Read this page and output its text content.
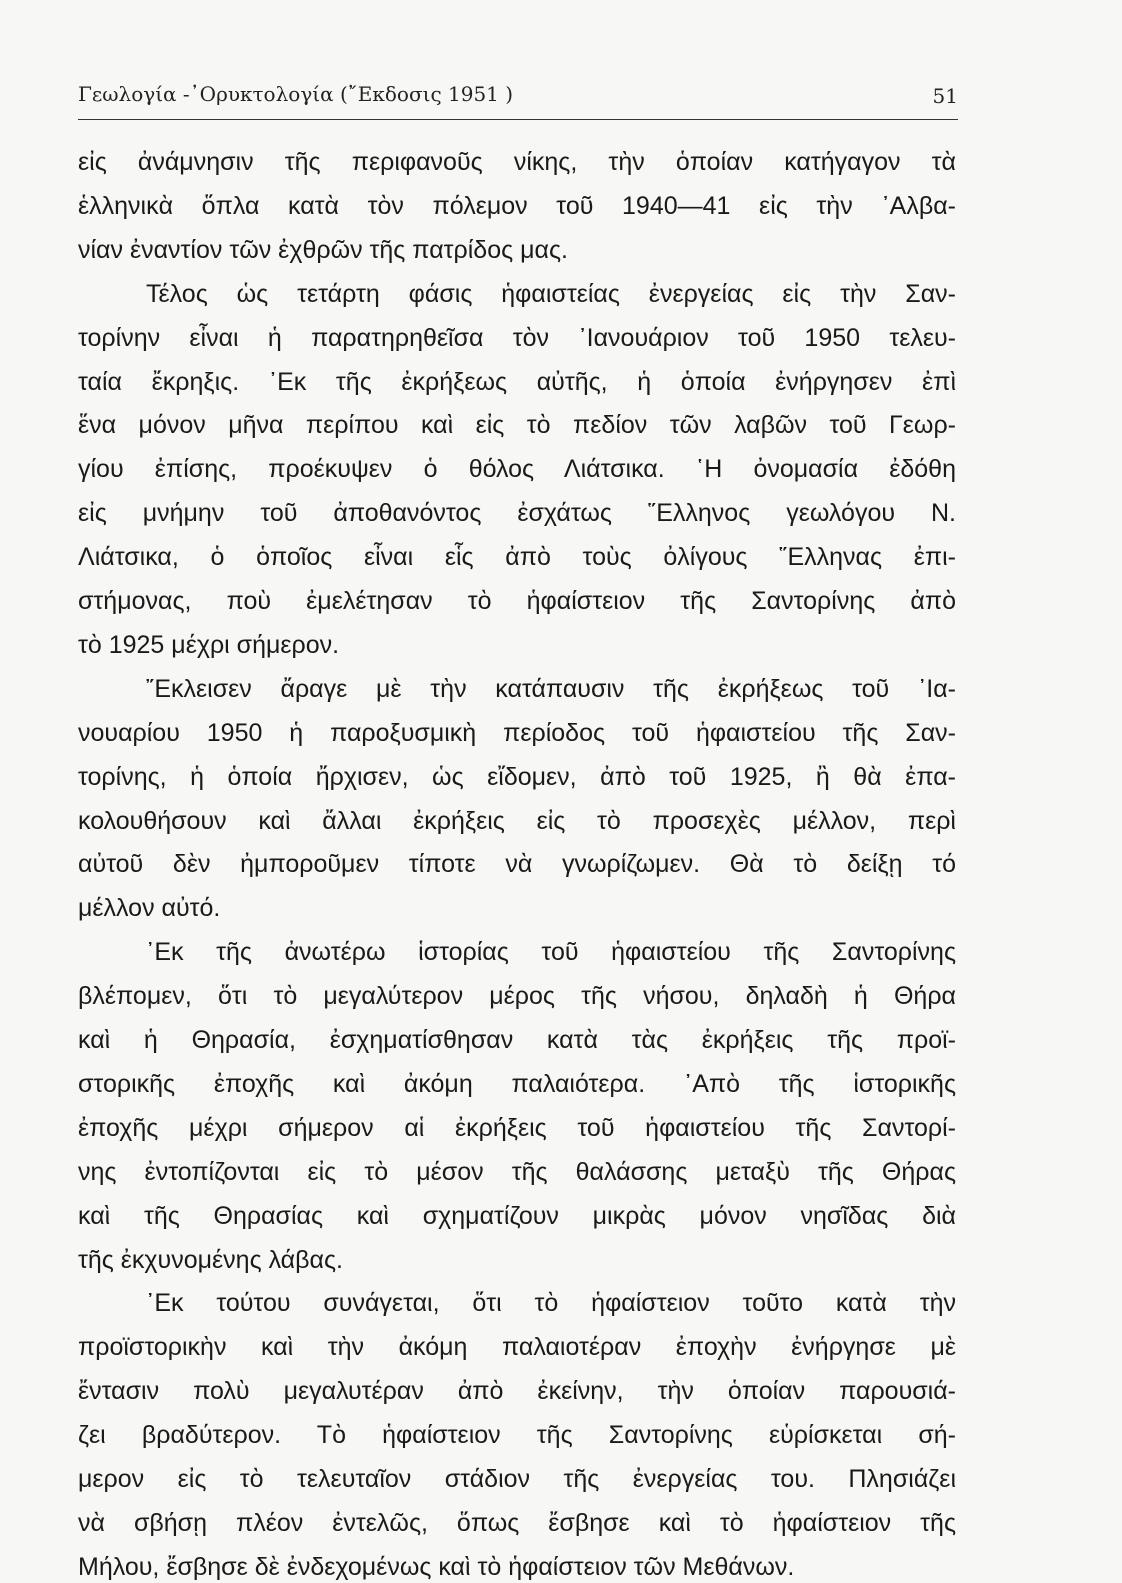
Γεωλογία -᾿Ορυκτολογία (῎Εκδοσις 1951 )	51
εἰς ἀνάμνησιν τῆς περιφανοῦς νίκης, τὴν ὁποίαν κατήγαγον τὰ
ἑλληνικὰ ὅπλα κατὰ τὸν πόλεμον τοῦ 1940—41 εἰς τὴν ᾿Αλβα-
νίαν ἐναντίον τῶν ἐχθρῶν τῆς πατρίδος μας.
Τέλος ὡς τετάρτη φάσις ἡφαιστείας ἐνεργείας εἰς τὴν Σαν-
τορίνην εἶναι ἡ παρατηρηθεῖσα τὸν ᾿Ιανουάριον τοῦ 1950 τελευ-
ταία ἔκρηξις. ᾿Εκ τῆς ἐκρήξεως αὐτῆς, ἡ ὁποία ἐνήργησεν ἐπὶ
ἕνα μόνον μῆνα περίπου καὶ εἰς τὸ πεδίον τῶν λαβῶν τοῦ Γεωρ-
γίου ἐπίσης, προέκυψεν ὁ θόλος Λιάτσικα. ῾Η ὀνομασία ἐδόθη
εἰς μνήμην τοῦ ἀποθανόντος ἐσχάτως ῞Ελληνος γεωλόγου Ν.
Λιάτσικα, ὁ ὁποῖος εἶναι εἷς ἀπὸ τοὺς ὀλίγους ῞Ελληνας ἐπι-
στήμονας, ποὺ ἐμελέτησαν τὸ ἡφαίστειον τῆς Σαντορίνης ἀπὸ
τὸ 1925 μέχρι σήμερον.
῎Εκλεισεν ἄραγε μὲ τὴν κατάπαυσιν τῆς ἐκρήξεως τοῦ ᾿Ια-
νουαρίου 1950 ἡ παροξυσμικὴ περίοδος τοῦ ἡφαιστείου τῆς Σαν-
τορίνης, ἡ ὁποία ἤρχισεν, ὡς εἴδομεν, ἀπὸ τοῦ 1925, ἢ θὰ ἐπα-
κολουθήσουν καὶ ἄλλαι ἐκρήξεις εἰς τὸ προσεχὲς μέλλον, περὶ
αὐτοῦ δὲν ἠμποροῦμεν τίποτε νὰ γνωρίζωμεν. Θὰ τὸ δείξῃ τό
μέλλον αὐτό.
᾿Εκ τῆς ἀνωτέρω ἱστορίας τοῦ ἡφαιστείου τῆς Σαντορίνης
βλέπομεν, ὅτι τὸ μεγαλύτερον μέρος τῆς νήσου, δηλαδὴ ἡ Θήρα
καὶ ἡ Θηρασία, ἐσχηματίσθησαν κατὰ τὰς ἐκρήξεις τῆς προϊ-
στορικῆς ἐποχῆς καὶ ἀκόμη παλαιότερα. ᾿Απὸ τῆς ἱστορικῆς
ἐποχῆς μέχρι σήμερον αἱ ἐκρήξεις τοῦ ἡφαιστείου τῆς Σαντορί-
νης ἐντοπίζονται εἰς τὸ μέσον τῆς θαλάσσης μεταξὺ τῆς Θήρας
καὶ τῆς Θηρασίας καὶ σχηματίζουν μικρὰς μόνον νησῖδας διὰ
τῆς ἐκχυνομένης λάβας.
᾿Εκ τούτου συνάγεται, ὅτι τὸ ἡφαίστειον τοῦτο κατὰ τὴν
προϊστορικὴν καὶ τὴν ἀκόμη παλαιοτέραν ἐποχὴν ἐνήργησε μὲ
ἔντασιν πολὺ μεγαλυτέραν ἀπὸ ἐκείνην, τὴν ὁποίαν παρουσιά-
ζει βραδύτερον. Τὸ ἡφαίστειον τῆς Σαντορίνης εὑρίσκεται σή-
μερον εἰς τὸ τελευταῖον στάδιον τῆς ἐνεργείας του. Πλησιάζει
νὰ σβήσῃ πλέον ἐντελῶς, ὅπως ἔσβησε καὶ τὸ ἡφαίστειον τῆς
Μήλου, ἔσβησε δὲ ἐνδεχομένως καὶ τὸ ἡφαίστειον τῶν Μεθάνων.
